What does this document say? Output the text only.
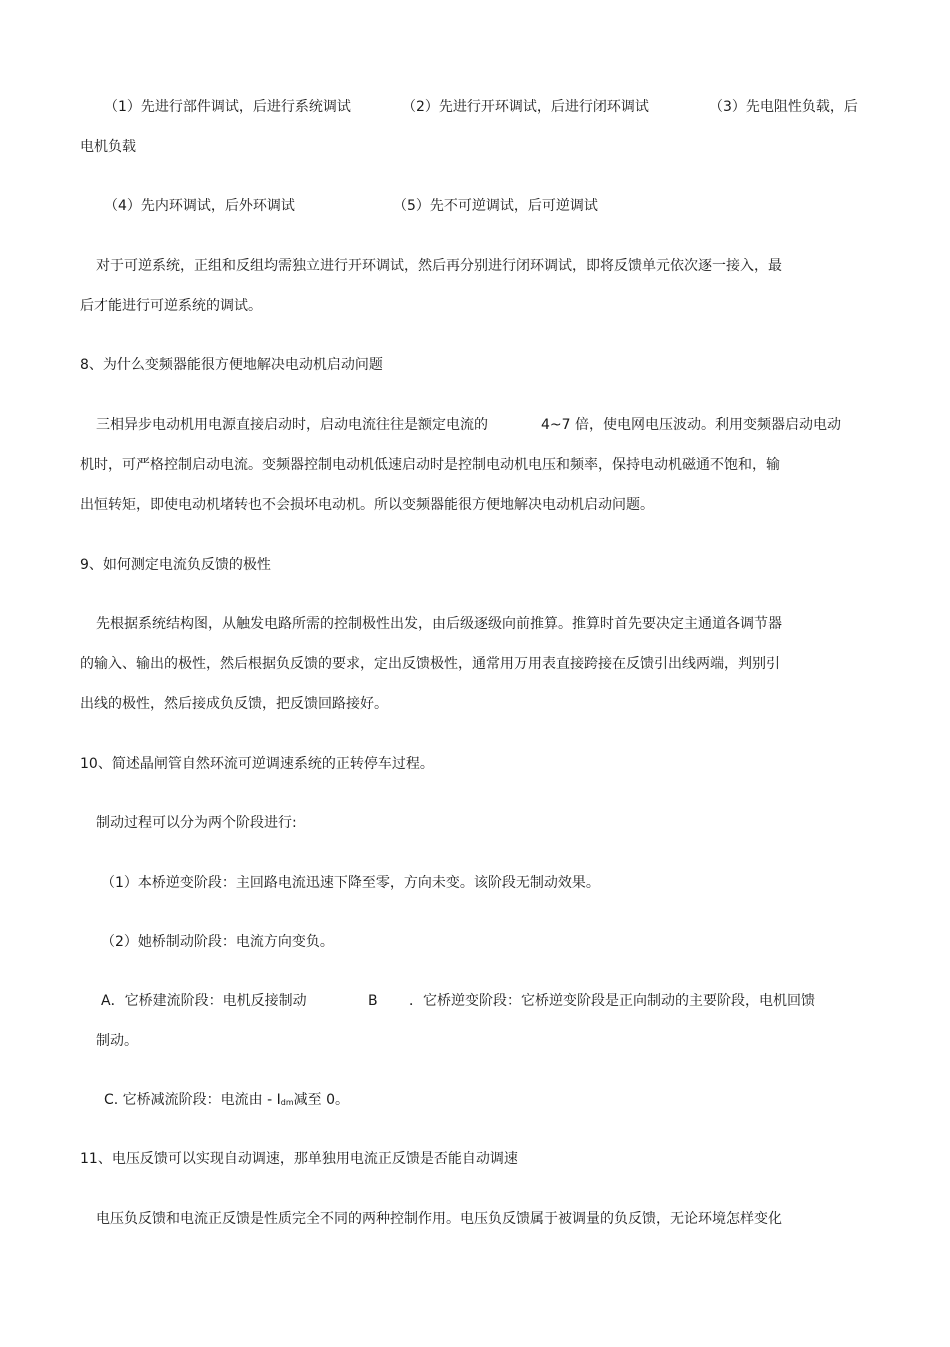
（1）先进行部件调试，后进行系统调试	（2）先进行开环调试，后进行闭环调试	（3）先电阻性负载，后
电机负载
（4）先内环调试，后外环调试	（5）先不可逆调试，后可逆调试
对于可逆系统，正组和反组均需独立进行开环调试，然后再分别进行闭环调试，即将反馈单元依次逐一接入，最
后才能进行可逆系统的调试。
8、为什么变频器能很方便地解决电动机启动问题
三相异步电动机用电源直接启动时，启动电流往往是额定电流的	4~7 倍，使电网电压波动。利用变频器启动电动
机时，可严格控制启动电流。变频器控制电动机低速启动时是控制电动机电压和频率，保持电动机磁通不饱和，输
出恒转矩，即使电动机堵转也不会损坏电动机。所以变频器能很方便地解决电动机启动问题。
9、如何测定电流负反馈的极性
先根据系统结构图，从触发电路所需的控制极性出发，由后级逐级向前推算。推算时首先要决定主通道各调节器
的输入、输出的极性，然后根据负反馈的要求，定出反馈极性，通常用万用表直接跨接在反馈引出线两端，判别引
出线的极性，然后接成负反馈，把反馈回路接好。
10、简述晶闸管自然环流可逆调速系统的正转停车过程。
制动过程可以分为两个阶段进行:
（1）本桥逆变阶段：主回路电流迅速下降至零，方向未变。该阶段无制动效果。
（2）她桥制动阶段：电流方向变负。
A．它桥建流阶段：电机反接制动	B ．它桥逆变阶段：它桥逆变阶段是正向制动的主要阶段，电机回馈
制动。
C. 它桥减流阶段：电流由 - Idm减至 0。
11、电压反馈可以实现自动调速，那单独用电流正反馈是否能自动调速
电压负反馈和电流正反馈是性质完全不同的两种控制作用。电压负反馈属于被调量的负反馈，无论环境怎样变化
